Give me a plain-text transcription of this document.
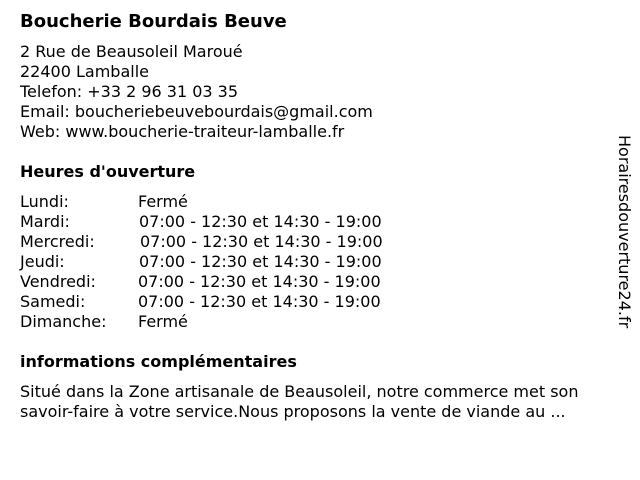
Boucherie Bourdais Beuve
2 Rue de Beausoleil Maroué
22400 Lamballe
Telefon: +33 2 96 31 03 35
Email: boucheriebeuvebourdais@gmail.com
Web: www.boucherie-traiteur-lamballe.fr
Heures d'ouverture
Lundi:	Fermé
Mardi:	07:00 - 12:30 et 14:30 - 19:00
Mercredi:	07:00 - 12:30 et 14:30 - 19:00
Jeudi:	07:00 - 12:30 et 14:30 - 19:00
Vendredi:	07:00 - 12:30 et 14:30 - 19:00
Samedi:	07:00 - 12:30 et 14:30 - 19:00
Dimanche: Fermé
informations complémentaires
Situé dans la Zone artisanale de Beausoleil, notre commerce met son
savoir-faire à votre service.Nous proposons la vente de viande au ...
Horairesdouverture24.fr
